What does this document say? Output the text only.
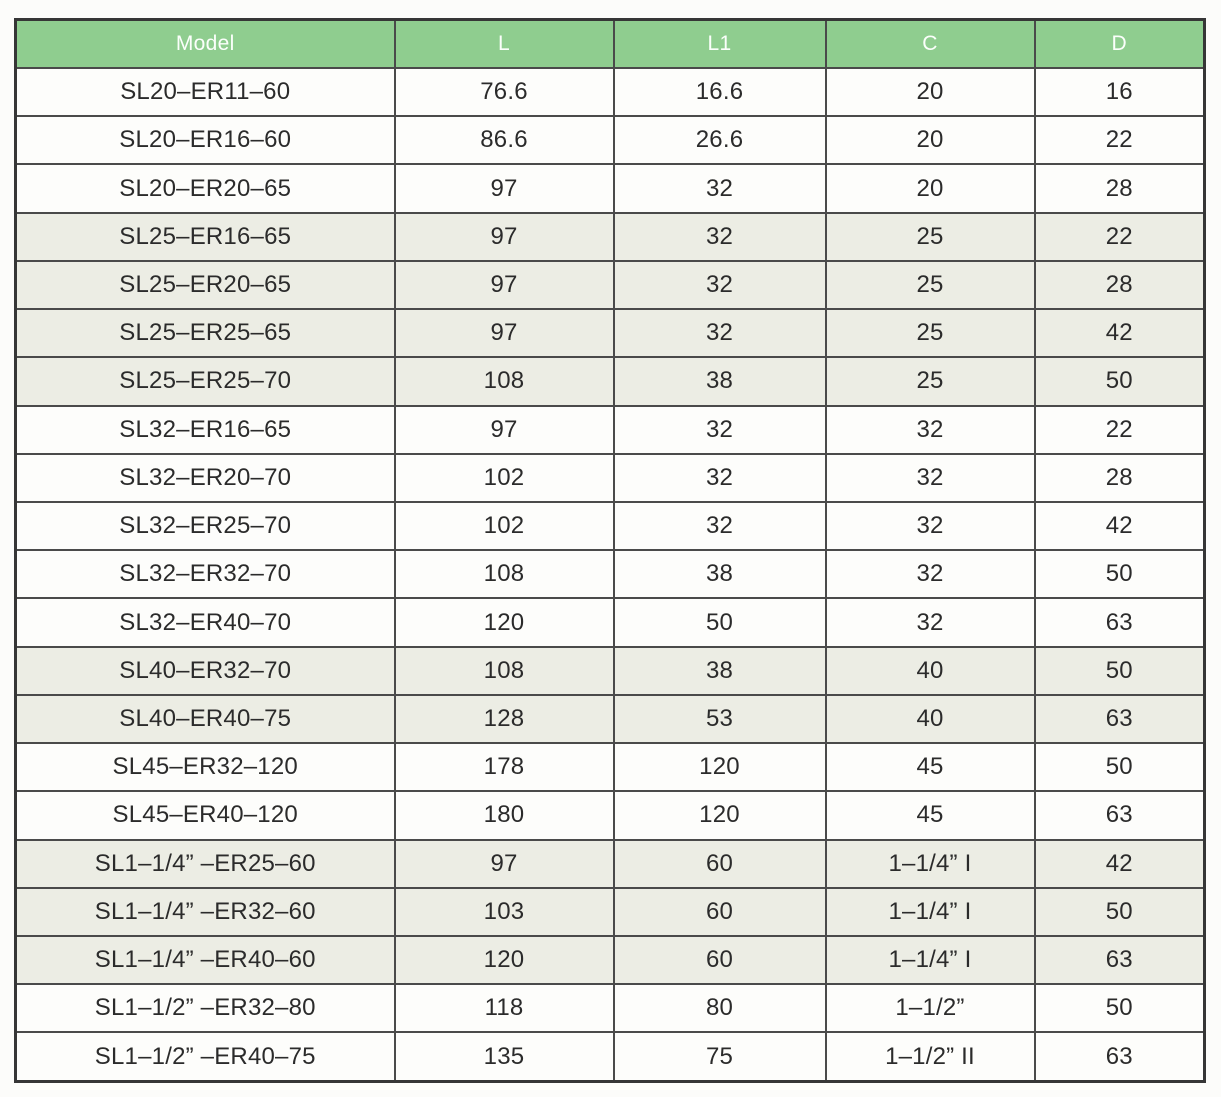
Model	L	L1	C	D
SL20–ER11–60	76.6	16.6	20	16
SL20–ER16–60	86.6	26.6	20	22
SL20–ER20–65	97	32	20	28
SL25–ER16–65	97	32	25	22
SL25–ER20–65	97	32	25	28
SL25–ER25–65	97	32	25	42
SL25–ER25–70	108	38	25	50
SL32–ER16–65	97	32	32	22
SL32–ER20–70	102	32	32	28
SL32–ER25–70	102	32	32	42
SL32–ER32–70	108	38	32	50
SL32–ER40–70	120	50	32	63
SL40–ER32–70	108	38	40	50
SL40–ER40–75	128	53	40	63
SL45–ER32–120	178	120	45	50
SL45–ER40–120	180	120	45	63
SL1–1/4” –ER25–60	97	60	1–1/4” I	42
SL1–1/4” –ER32–60	103	60	1–1/4” I	50
SL1–1/4” –ER40–60	120	60	1–1/4” I	63
SL1–1/2” –ER32–80	118	80	1–1/2”	50
SL1–1/2” –ER40–75	135	75	1–1/2” II	63
